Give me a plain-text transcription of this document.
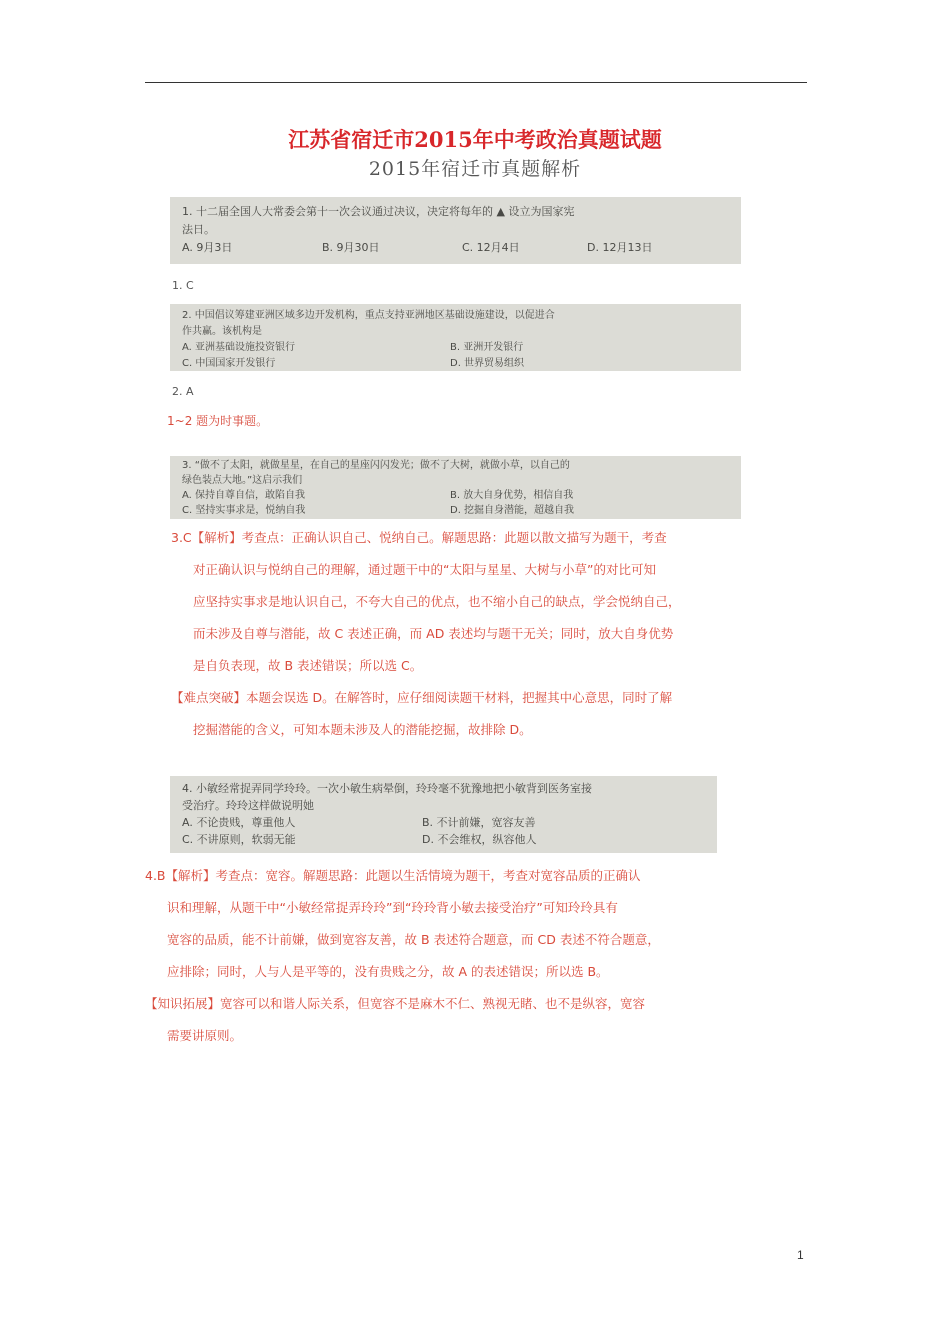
江苏省宿迁市2015年中考政治真题试题
2015年宿迁市真题解析
1. 十二届全国人大常委会第十一次会议通过决议，决定将每年的 ▲ 设立为国家宪
法日。
A. 9月3日	B. 9月30日	C. 12月4日	D. 12月13日
1. C
2. 中国倡议筹建亚洲区域多边开发机构，重点支持亚洲地区基础设施建设，以促进合
作共赢。该机构是
A. 亚洲基础设施投资银行	B. 亚洲开发银行
C. 中国国家开发银行	D. 世界贸易组织
2. A
1~2 题为时事题。
3. “做不了太阳，就做星星，在自己的星座闪闪发光；做不了大树，就做小草，以自己的
绿色装点大地。”这启示我们
A. 保持自尊自信，敢陷自我	B. 放大自身优势，相信自我
C. 坚持实事求是，悦纳自我	D. 挖掘自身潜能，超越自我

3.C【解析】考查点：正确认识自己、悦纳自己。解题思路：此题以散文描写为题干，考查

对正确认识与悦纳自己的理解，通过题干中的“太阳与星星、大树与小草”的对比可知

应坚持实事求是地认识自己，不夸大自己的优点，也不缩小自己的缺点，学会悦纳自己，

而未涉及自尊与潜能，故 C 表述正确，而 AD 表述均与题干无关；同时，放大自身优势

是自负表现，故 B 表述错误；所以选 C。

【难点突破】本题会误选 D。在解答时，应仔细阅读题干材料，把握其中心意思，同时了解

挖掘潜能的含义，可知本题未涉及人的潜能挖掘，故排除 D。

4. 小敏经常捉弄同学玲玲。一次小敏生病晕倒，玲玲毫不犹豫地把小敏背到医务室接
受治疗。玲玲这样做说明她
A. 不论贵贱，尊重他人	B. 不计前嫌，宽容友善
C. 不讲原则，软弱无能	D. 不会维权，纵容他人

4.B【解析】考查点：宽容。解题思路：此题以生活情境为题干，考查对宽容品质的正确认

识和理解，从题干中“小敏经常捉弄玲玲”到“玲玲背小敏去接受治疗”可知玲玲具有

宽容的品质，能不计前嫌，做到宽容友善，故 B 表述符合题意，而 CD 表述不符合题意，

应排除；同时，人与人是平等的，没有贵贱之分，故 A 的表述错误；所以选 B。

【知识拓展】宽容可以和谐人际关系，但宽容不是麻木不仁、熟视无睹、也不是纵容，宽容

需要讲原则。

1
